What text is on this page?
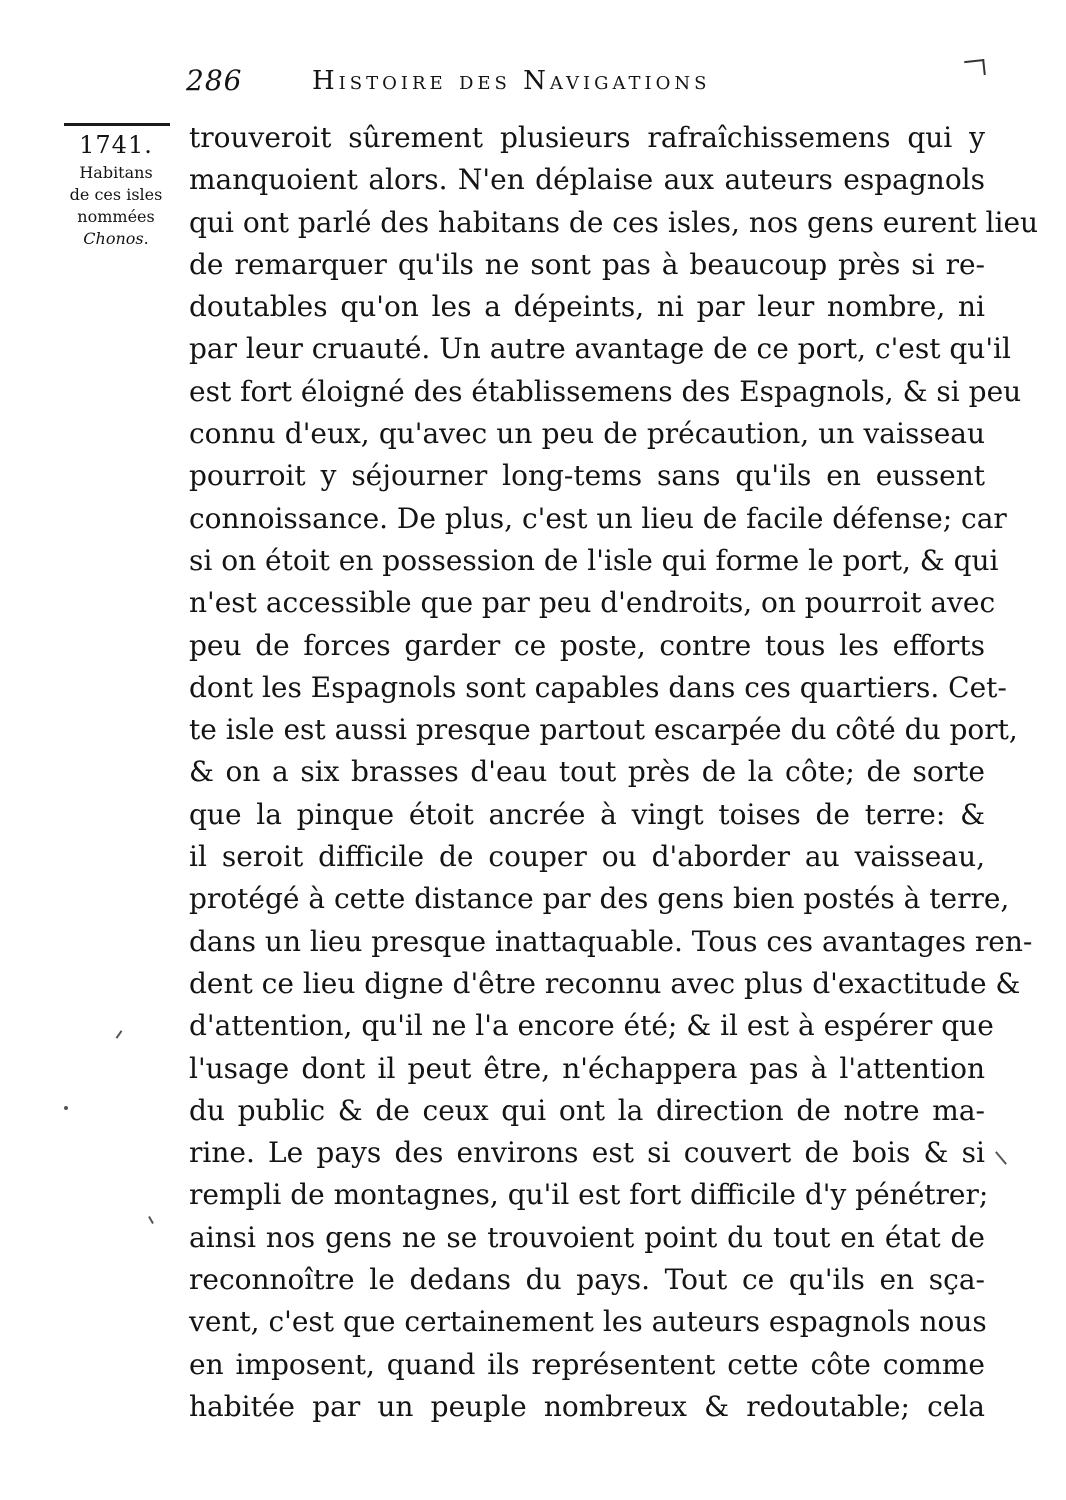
286	Histoire des Navigations
1741.
Habitans
de ces isles
nommées
Chonos.
trouveroit sûrement plusieurs rafraîchissemens qui y
manquoient alors. N'en déplaise aux auteurs espagnols
qui ont parlé des habitans de ces isles, nos gens eurent lieu
de remarquer qu'ils ne sont pas à beaucoup près si re-
doutables qu'on les a dépeints, ni par leur nombre, ni
par leur cruauté. Un autre avantage de ce port, c'est qu'il
est fort éloigné des établissemens des Espagnols, & si peu
connu d'eux, qu'avec un peu de précaution, un vaisseau
pourroit y séjourner long-tems sans qu'ils en eussent
connoissance. De plus, c'est un lieu de facile défense; car
si on étoit en possession de l'isle qui forme le port, & qui
n'est accessible que par peu d'endroits, on pourroit avec
peu de forces garder ce poste, contre tous les efforts
dont les Espagnols sont capables dans ces quartiers. Cet-
te isle est aussi presque partout escarpée du côté du port,
& on a six brasses d'eau tout près de la côte; de sorte
que la pinque étoit ancrée à vingt toises de terre: &
il seroit difficile de couper ou d'aborder au vaisseau,
protégé à cette distance par des gens bien postés à terre,
dans un lieu presque inattaquable. Tous ces avantages ren-
dent ce lieu digne d'être reconnu avec plus d'exactitude &
d'attention, qu'il ne l'a encore été; & il est à espérer que
l'usage dont il peut être, n'échappera pas à l'attention
du public & de ceux qui ont la direction de notre ma-
rine. Le pays des environs est si couvert de bois & si
rempli de montagnes, qu'il est fort difficile d'y pénétrer;
ainsi nos gens ne se trouvoient point du tout en état de
reconnoître le dedans du pays. Tout ce qu'ils en sça-
vent, c'est que certainement les auteurs espagnols nous
en imposent, quand ils représentent cette côte comme
habitée par un peuple nombreux & redoutable; cela
